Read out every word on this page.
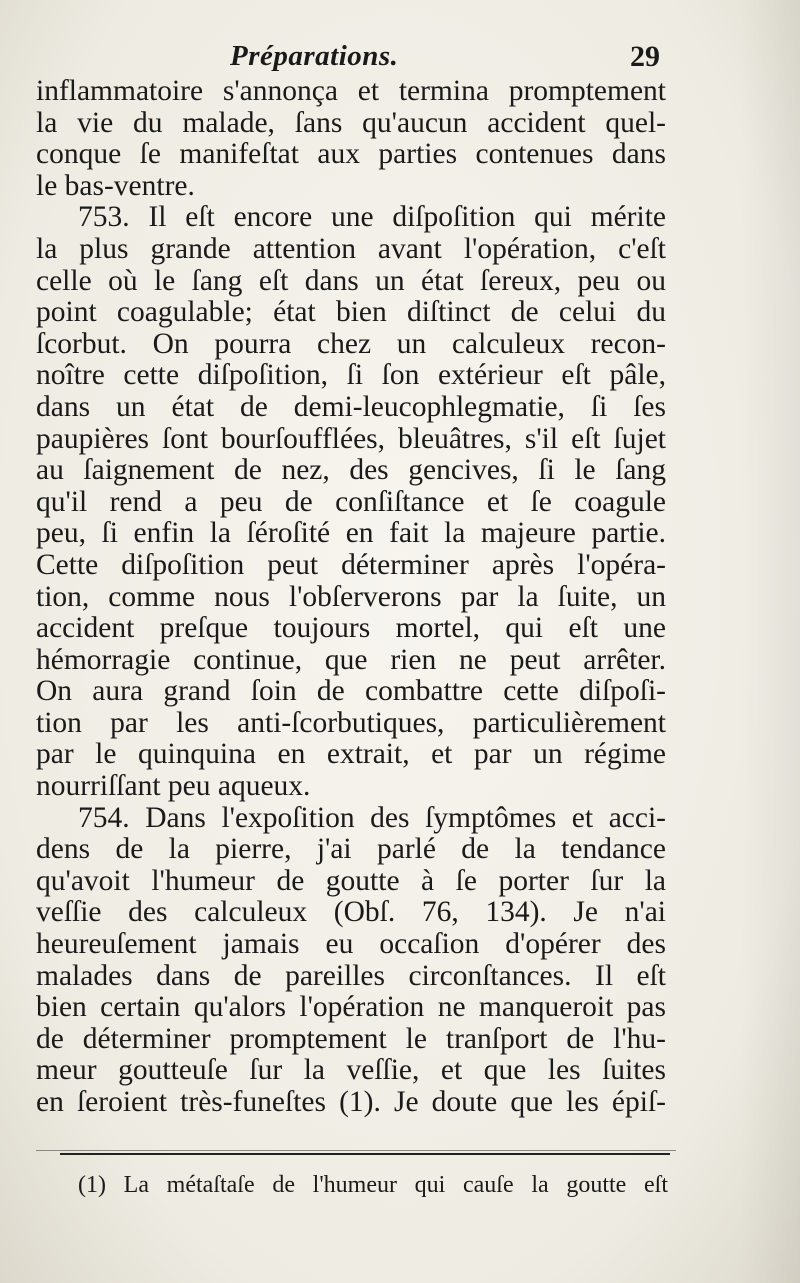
Préparations.	29
inflammatoire s'annonça et termina promptement
la vie du malade, ſans qu'aucun accident quel-
conque ſe manifeſtat aux parties contenues dans
le bas-ventre.
753. Il eſt encore une diſpoſition qui mérite
la plus grande attention avant l'opération, c'eſt
celle où le ſang eſt dans un état ſereux, peu ou
point coagulable; état bien diſtinct de celui du
ſcorbut. On pourra chez un calculeux recon-
noître cette diſpoſition, ſi ſon extérieur eſt pâle,
dans un état de demi-leucophlegmatie, ſi ſes
paupières ſont bourſoufflées, bleuâtres, s'il eſt ſujet
au ſaignement de nez, des gencives, ſi le ſang
qu'il rend a peu de conſiſtance et ſe coagule
peu, ſi enfin la ſéroſité en fait la majeure partie.
Cette diſpoſition peut déterminer après l'opéra-
tion, comme nous l'obſerverons par la ſuite, un
accident preſque toujours mortel, qui eſt une
hémorragie continue, que rien ne peut arrêter.
On aura grand ſoin de combattre cette diſpoſi-
tion par les anti-ſcorbutiques, particulièrement
par le quinquina en extrait, et par un régime
nourriſſant peu aqueux.
754. Dans l'expoſition des ſymptômes et acci-
dens de la pierre, j'ai parlé de la tendance
qu'avoit l'humeur de goutte à ſe porter ſur la
veſſie des calculeux (Obſ. 76, 134). Je n'ai
heureuſement jamais eu occaſion d'opérer des
malades dans de pareilles circonſtances. Il eſt
bien certain qu'alors l'opération ne manqueroit pas
de déterminer promptement le tranſport de l'hu-
meur goutteuſe ſur la veſſie, et que les ſuites
en ſeroient très-funeſtes (1). Je doute que les épiſ-
(1) La métaſtaſe de l'humeur qui cauſe la goutte eſt
